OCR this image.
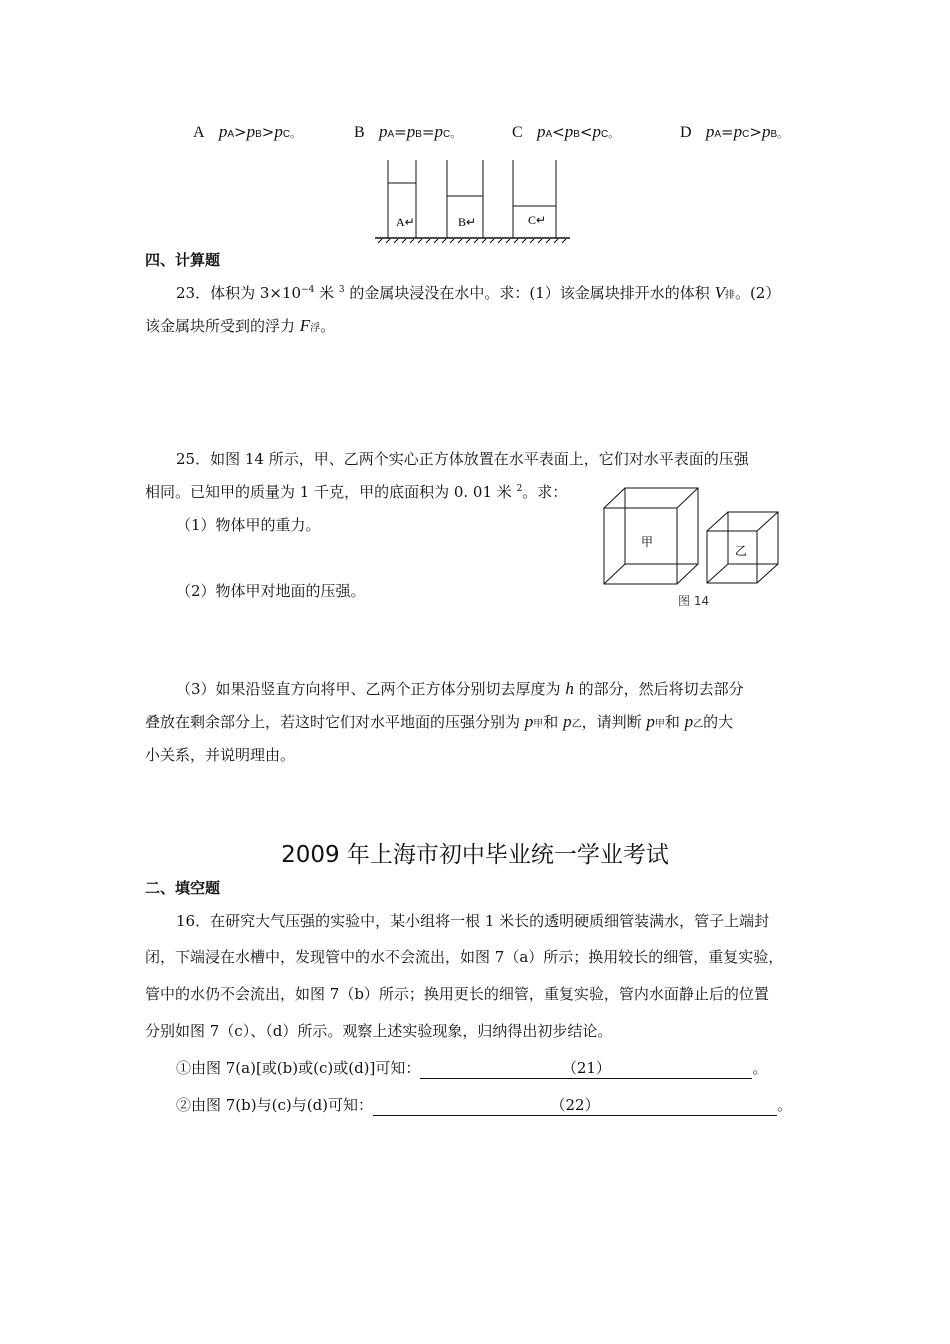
A pA>pB>pC。	B pA=pB=pC。	C pA<pB<pC。	D pA=pC>pB。
A↵	B↵	C↵
四、计算题
23．体积为 $3\times 10^{-4}$ 米 $^3$ 的金属块浸没在水中。求：(1）该金属块排开水的体积 V排。(2）
该金属块所受到的浮力 F浮。
25．如图 14 所示，甲、乙两个实心正方体放置在水平表面上，它们对水平表面的压强
相同。已知甲的质量为 1 千克，甲的底面积为 0. 01 米 $^2$。求：
（1）物体甲的重力。
（2）物体甲对地面的压强。
甲
乙
图 14
（3）如果沿竖直方向将甲、乙两个正方体分别切去厚度为 h 的部分，然后将切去部分
叠放在剩余部分上，若这时它们对水平地面的压强分别为 p甲和 p乙，请判断 p甲和 p乙的大
小关系，并说明理由。
2009 年上海市初中毕业统一学业考试
二、填空题
16．在研究大气压强的实验中，某小组将一根 1 米长的透明硬质细管装满水，管子上端封
闭，下端浸在水槽中，发现管中的水不会流出，如图 7（a）所示；换用较长的细管，重复实验，
管中的水仍不会流出，如图 7（b）所示；换用更长的细管，重复实验，管内水面静止后的位置
分别如图 7（c）、（d）所示。观察上述实验现象，归纳得出初步结论。
①由图 7(a)[或(b)或(c)或(d)]可知：	（21）	。
②由图 7(b)与(c)与(d)可知：	（22）	。
